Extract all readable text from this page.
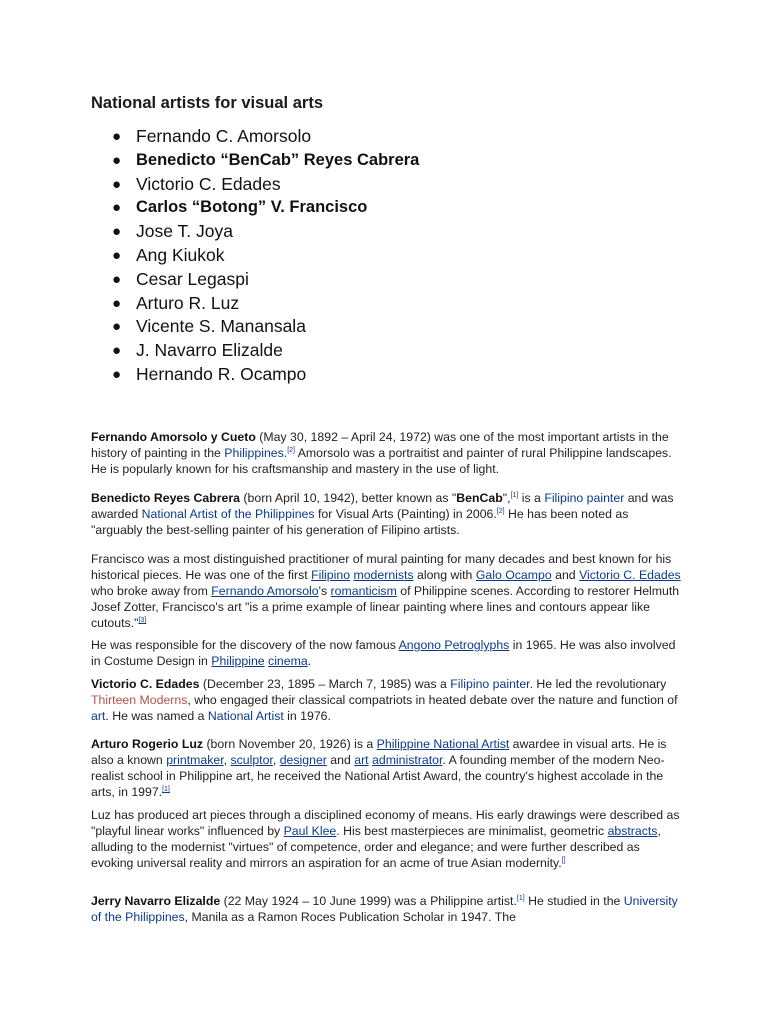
National artists for visual arts
● Fernando C. Amorsolo
● Benedicto “BenCab” Reyes Cabrera
● Victorio C. Edades
● Carlos “Botong” V. Francisco
● Jose T. Joya
● Ang Kiukok
● Cesar Legaspi
● Arturo R. Luz
● Vicente S. Manansala
● J. Navarro Elizalde
● Hernando R. Ocampo

Fernando Amorsolo y Cueto (May 30, 1892 – April 24, 1972) was one of the most important artists in the history of painting in the Philippines.[2] Amorsolo was a portraitist and painter of rural Philippine landscapes. He is popularly known for his craftsmanship and mastery in the use of light.

Benedicto Reyes Cabrera (born April 10, 1942), better known as "BenCab",[1] is a Filipino painter and was awarded National Artist of the Philippines for Visual Arts (Painting) in 2006.[2] He has been noted as "arguably the best-selling painter of his generation of Filipino artists.

Francisco was a most distinguished practitioner of mural painting for many decades and best known for his historical pieces. He was one of the first Filipino modernists along with Galo Ocampo and Victorio C. Edades who broke away from Fernando Amorsolo's romanticism of Philippine scenes. According to restorer Helmuth Josef Zotter, Francisco's art "is a prime example of linear painting where lines and contours appear like cutouts."[3]

He was responsible for the discovery of the now famous Angono Petroglyphs in 1965. He was also involved in Costume Design in Philippine cinema.

Victorio C. Edades (December 23, 1895 – March 7, 1985) was a Filipino painter. He led the revolutionary Thirteen Moderns, who engaged their classical compatriots in heated debate over the nature and function of art. He was named a National Artist in 1976.

Arturo Rogerio Luz (born November 20, 1926) is a Philippine National Artist awardee in visual arts. He is also a known printmaker, sculptor, designer and art administrator. A founding member of the modern Neo-realist school in Philippine art, he received the National Artist Award, the country's highest accolade in the arts, in 1997.[1]

Luz has produced art pieces through a disciplined economy of means. His early drawings were described as "playful linear works" influenced by Paul Klee. His best masterpieces are minimalist, geometric abstracts, alluding to the modernist "virtues" of competence, order and elegance; and were further described as evoking universal reality and mirrors an aspiration for an acme of true Asian modernity.[]

Jerry Navarro Elizalde (22 May 1924 – 10 June 1999) was a Philippine artist.[1] He studied in the University of the Philippines, Manila as a Ramon Roces Publication Scholar in 1947. The
